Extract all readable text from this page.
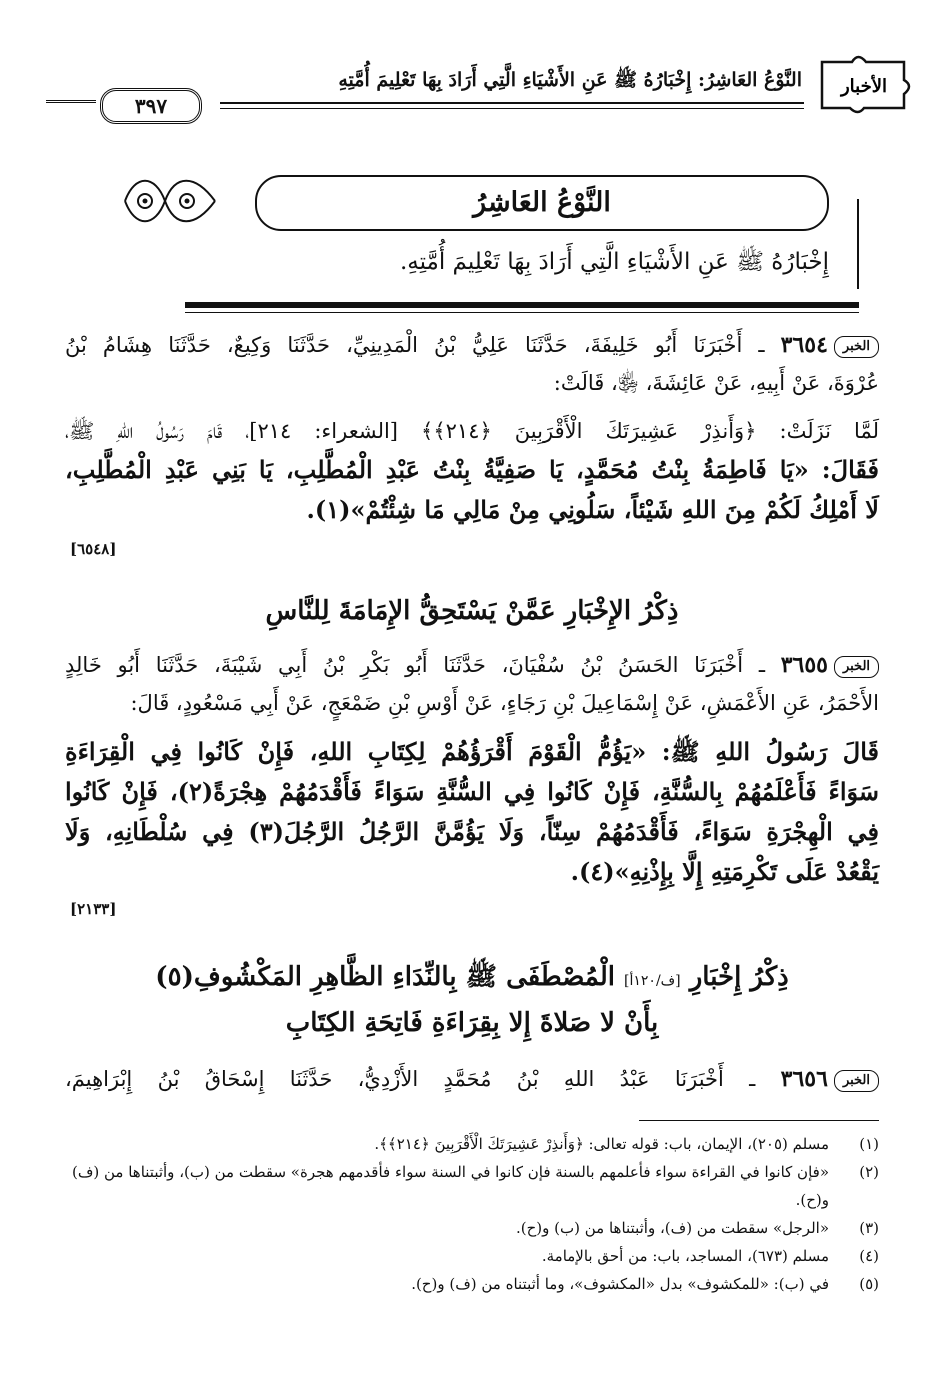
الأخبار
النَّوْعُ العَاشِرُ: إِخْبَارُهُ ﷺ عَنِ الأَشْيَاءِ الَّتِي أَرَادَ بِهَا تَعْلِيمَ أُمَّتِهِ
٣٩٧
النَّوْعُ العَاشِرُ
إِخْبَارُهُ ﷺ عَنِ الأَشْيَاءِ الَّتِي أَرَادَ بِهَا تَعْلِيمَ أُمَّتِهِ.
الخبر٣٦٥٤ ـ أَخْبَرَنَا أَبُو خَلِيفَةَ، حَدَّثَنَا عَلِيُّ بْنُ الْمَدِينِيِّ، حَدَّثَنَا وَكِيعٌ، حَدَّثَنَا هِشَامُ بْنُ
عُرْوَةَ، عَنْ أَبِيهِ، عَنْ عَائِشَةَ، ﵂، قَالَتْ:
لَمَّا نَزَلَتْ: ﴿وَأَنذِرْ عَشِيرَتَكَ الْأَقْرَبِينَ ﴿٢١٤﴾﴾ [الشعراء: ٢١٤]، قَامَ رَسُولُ اللهِ ﷺ،
فَقَالَ: «يَا فَاطِمَةُ بِنْتُ مُحَمَّدٍ، يَا صَفِيَّةُ بِنْتُ عَبْدِ الْمُطَّلِبِ، يَا بَنِي عَبْدِ الْمُطَّلِبِ،
لَا أَمْلِكُ لَكُمْ مِنَ اللهِ شَيْئاً، سَلُونِي مِنْ مَالِي مَا شِئْتُمْ»(١).
[٦٥٤٨]
ذِكْرُ الإِخْبَارِ عَمَّنْ يَسْتَحِقُّ الإِمَامَةَ لِلنَّاسِ
الخبر٣٦٥٥ ـ أَخْبَرَنَا الحَسَنُ بْنُ سُفْيَانَ، حَدَّثَنَا أَبُو بَكْرِ بْنُ أَبِي شَيْبَةَ، حَدَّثَنَا أَبُو خَالِدٍ
الأَحْمَرُ، عَنِ الأَعْمَشِ، عَنْ إِسْمَاعِيلَ بْنِ رَجَاءٍ، عَنْ أَوْسِ بْنِ ضَمْعَجٍ، عَنْ أَبِي مَسْعُودٍ، قَالَ:
قَالَ رَسُولُ اللهِ ﷺ: «يَؤُمُّ الْقَوْمَ أَقْرَؤُهُمْ لِكِتَابِ اللهِ، فَإِنْ كَانُوا فِي الْقِرَاءَةِ
سَوَاءً فَأَعْلَمُهُمْ بِالسُّنَّةِ، فَإِنْ كَانُوا فِي السُّنَّةِ سَوَاءً فَأَقْدَمُهُمْ هِجْرَةً(٢)، فَإِنْ كَانُوا
فِي الْهِجْرَةِ سَوَاءً، فَأَقْدَمُهُمْ سِنّاً، وَلَا يَؤُمَّنَّ الرَّجُلُ الرَّجُلَ(٣) فِي سُلْطَانِهِ، وَلَا
يَقْعُدْ عَلَى تَكْرِمَتِهِ إِلَّا بِإِذْنِهِ»(٤).
[٢١٣٣]
ذِكْرُ إِخْبَارِ [ف/١٢٠أ] الْمُصْطَفَى ﷺ بِالنِّدَاءِ الظَّاهِرِ المَكْشُوفِ(٥)
بِأَنْ لا صَلاةَ إِلا بِقِرَاءَةِ فَاتِحَةِ الكِتَابِ
الخبر٣٦٥٦ ـ أَخْبَرَنَا عَبْدُ اللهِ بْنُ مُحَمَّدٍ الأَزْدِيُّ، حَدَّثَنَا إِسْحَاقُ بْنُ إِبْرَاهِيمَ،
(١)
مسلم (٢٠٥)، الإيمان، باب: قوله تعالى: ﴿وَأَنذِرْ عَشِيرَتَكَ الْأَقْرَبِينَ ﴿٢١٤﴾﴾.
(٢)
«فإن كانوا في القراءة سواء فأعلمهم بالسنة فإن كانوا في السنة سواء فأقدمهم هجرة» سقطت من (ب)، وأثبتناها من (ف) و(ح).
(٣)
«الرجل» سقطت من (ف)، وأثبتناها من (ب) و(ح).
(٤)
مسلم (٦٧٣)، المساجد، باب: من أحق بالإمامة.
(٥)
في (ب): «للمكشوف» بدل «المكشوف»، وما أثبتناه من (ف) و(ح).
